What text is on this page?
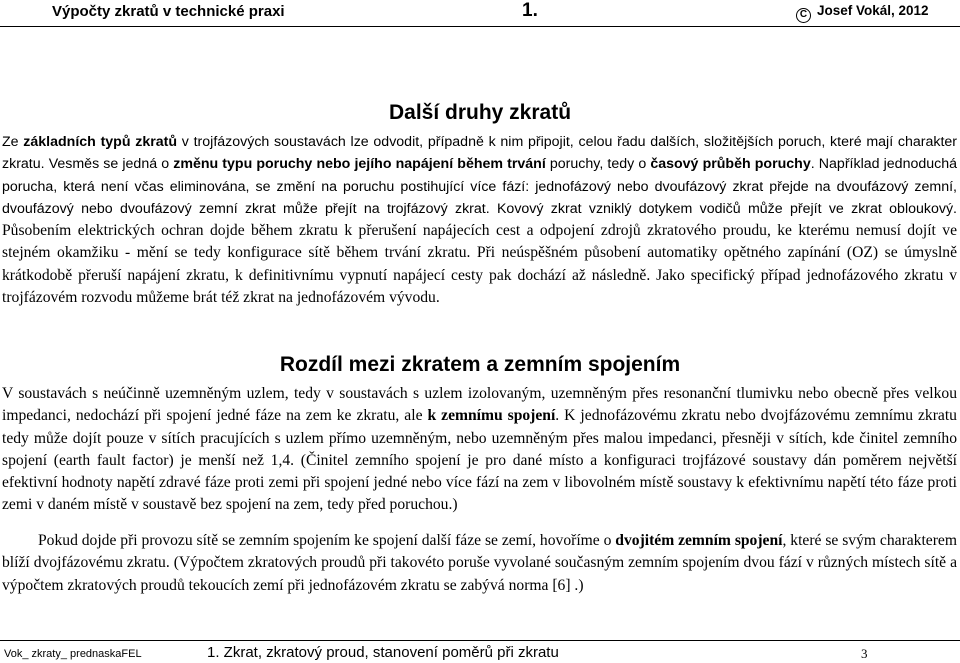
Výpočty zkratů v technické praxi	1.	C Josef Vokál, 2012
Další druhy zkratů

Ze základních typů zkratů v trojfázových soustavách lze odvodit, případně k nim připojit, celou řadu dalších, složitějších poruch, které mají charakter zkratu. Vesměs se jedná o změnu typu poruchy nebo jejího napájení během trvání poruchy, tedy o časový průběh poruchy. Například jednoduchá porucha, která není včas eliminována, se změní na poruchu postihující více fází: jednofázový nebo dvoufázový zkrat přejde na dvoufázový zemní, dvoufázový nebo dvoufázový zemní zkrat může přejít na trojfázový zkrat. Kovový zkrat vzniklý dotykem vodičů může přejít ve zkrat obloukový. Působením elektrických ochran dojde během zkratu k přerušení napájecích cest a odpojení zdrojů zkratového proudu, ke kterému nemusí dojít ve stejném okamžiku - mění se tedy konfigurace sítě během trvání zkratu. Při neúspěšném působení automatiky opětného zapínání (OZ) se úmyslně krátkodobě přeruší napájení zkratu, k definitivnímu vypnutí napájecí cesty pak dochází až následně. Jako specifický případ jednofázového zkratu v trojfázovém rozvodu můžeme brát též zkrat na jednofázovém vývodu.

Rozdíl mezi zkratem a zemním spojením

V soustavách s neúčinně uzemněným uzlem, tedy v soustavách s uzlem izolovaným, uzemněným přes resonanční tlumivku nebo obecně přes velkou impedanci, nedochází při spojení jedné fáze na zem ke zkratu, ale k zemnímu spojení. K jednofázovému zkratu nebo dvojfázovému zemnímu zkratu tedy může dojít pouze v sítích pracujících s uzlem přímo uzemněným, nebo uzemněným přes malou impedanci, přesněji v sítích, kde činitel zemního spojení (earth fault factor) je menší než 1,4. (Činitel zemního spojení je pro dané místo a konfiguraci trojfázové soustavy dán poměrem největší efektivní hodnoty napětí zdravé fáze proti zemi při spojení jedné nebo více fází na zem v libovolném místě soustavy k efektivnímu napětí této fáze proti zemi v daném místě v soustavě bez spojení na zem, tedy před poruchou.)

Pokud dojde při provozu sítě se zemním spojením ke spojení další fáze se zemí, hovoříme o dvojitém zemním spojení, které se svým charakterem blíží dvojfázovému zkratu. (Výpočtem zkratových proudů při takovéto poruše vyvolané současným zemním spojením dvou fází v různých místech sítě a výpočtem zkratových proudů tekoucích zemí při jednofázovém zkratu se zabývá norma [6] .)

Vok_ zkraty_ prednaskaFEL	1. Zkrat, zkratový proud, stanovení poměrů při zkratu	3
